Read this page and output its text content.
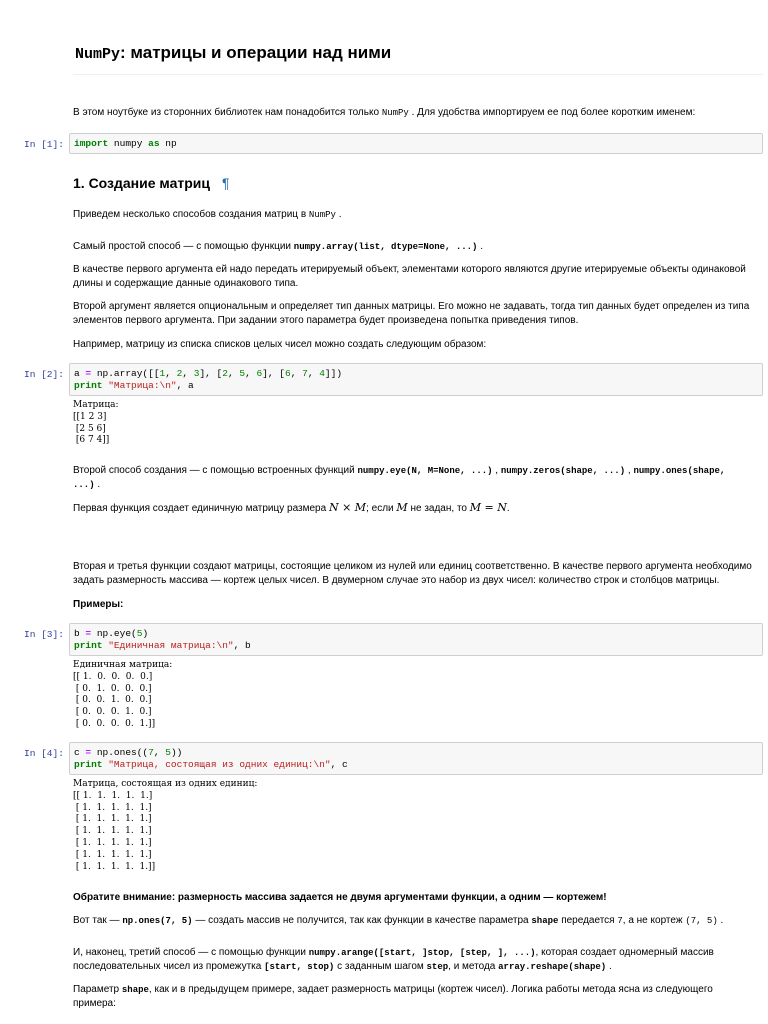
NumPy: матрицы и операции над ними
В этом ноутбуке из сторонних библиотек нам понадобится только NumPy . Для удобства импортируем ее под более коротким именем:
In [1]:	import numpy as np
1. Создание матриц ¶
Приведем несколько способов создания матриц в NumPy .
Самый простой способ — с помощью функции numpy.array(list, dtype=None, ...) .
В качестве первого аргумента ей надо передать итерируемый объект, элементами которого являются другие итерируемые объекты одинаковой длины и содержащие данные одинакового типа.
Второй аргумент является опциональным и определяет тип данных матрицы. Его можно не задавать, тогда тип данных будет определен из типа элементов первого аргумента. При задании этого параметра будет произведена попытка приведения типов.
Например, матрицу из списка списков целых чисел можно создать следующим образом:
In [2]:	a = np.array([[1, 2, 3], [2, 5, 6], [6, 7, 4]])
print "Матрица:\n", a
Матрица:
[[1 2 3]
[2 5 6]
[6 7 4]]
Второй способ создания — с помощью встроенных функций numpy.eye(N, M=None, ...) , numpy.zeros(shape, ...) , numpy.ones(shape,
...) .
Первая функция создает единичную матрицу размера N × M; если M не задан, то M = N.
Вторая и третья функции создают матрицы, состоящие целиком из нулей или единиц соответственно. В качестве первого аргумента необходимо задать размерность массива — кортеж целых чисел. В двумерном случае это набор из двух чисел: количество строк и столбцов матрицы.
Примеры:
In [3]:	b = np.eye(5)
print "Единичная матрица:\n", b
Единичная матрица:
[[ 1.  0.  0.  0.  0.]
[ 0.  1.  0.  0.  0.]
[ 0.  0.  1.  0.  0.]
[ 0.  0.  0.  1.  0.]
[ 0.  0.  0.  0.  1.]]
In [4]:	c = np.ones((7, 5))
print "Матрица, состоящая из одних единиц:\n", c
Матрица, состоящая из одних единиц:
[[ 1.  1.  1.  1.  1.]
[ 1.  1.  1.  1.  1.]
[ 1.  1.  1.  1.  1.]
[ 1.  1.  1.  1.  1.]
[ 1.  1.  1.  1.  1.]
[ 1.  1.  1.  1.  1.]
[ 1.  1.  1.  1.  1.]]
Обратите внимание: размерность массива задается не двумя аргументами функции, а одним — кортежем!
Вот так — np.ones(7, 5) — создать массив не получится, так как функции в качестве параметра shape передается 7, а не кортеж (7, 5) .
И, наконец, третий способ — с помощью функции numpy.arange([start, ]stop, [step, ], ...), которая создает одномерный массив последовательных чисел из промежутка [start, stop) с заданным шагом step, и метода array.reshape(shape) .
Параметр shape, как и в предыдущем примере, задает размерность матрицы (кортеж чисел). Логика работы метода ясна из следующего примера:
